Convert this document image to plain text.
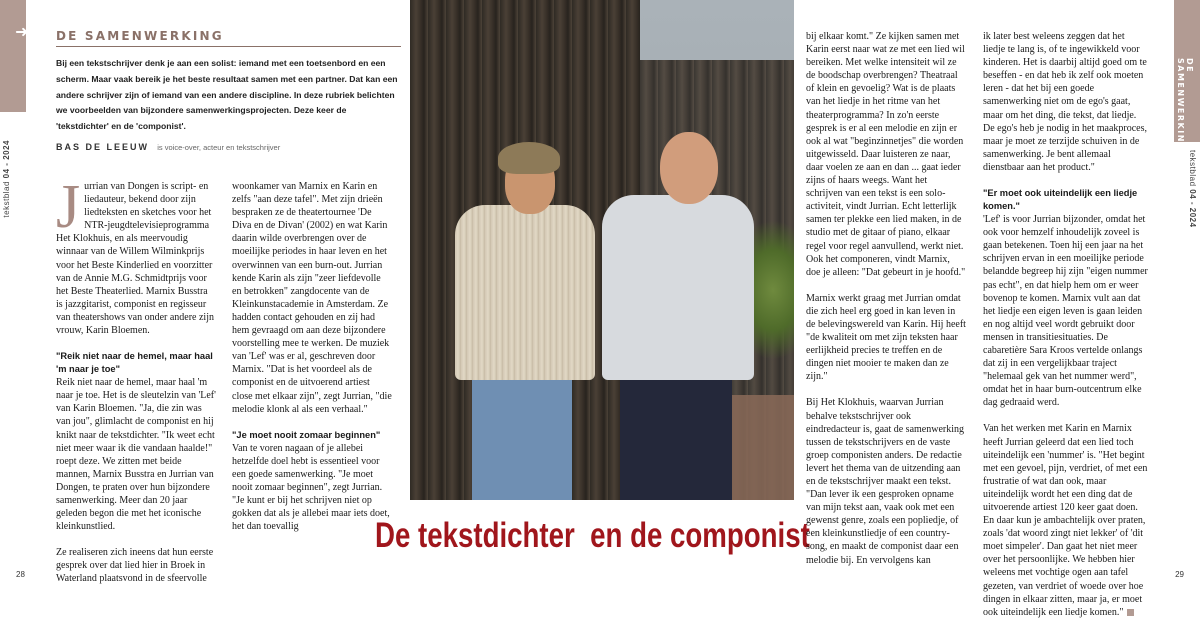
➜ DE SAMENWERKING
tekstblad 04 - 2024
Bij een tekstschrijver denk je aan een solist: iemand met een toetsenbord en een scherm. Maar vaak bereik je het beste resultaat samen met een partner. Dat kan een andere schrijver zijn of iemand van een andere discipline. In deze rubriek belichten we voorbeelden van bijzondere samenwerkingsprojecten. Deze keer de 'tekstdichter' en de 'componist'.
BAS DE LEEUW is voice-over, acteur en tekstschrijver

Jurrian van Dongen is script- en liedauteur, bekend door zijn liedteksten en sketches voor het NTR-jeugdtelevisieprogramma Het Klokhuis, en als meervoudig winnaar van de Willem Wilminkprijs voor het Beste Kinderlied en voorzitter van de Annie M.G. Schmidtprijs voor het Beste Theaterlied. Marnix Busstra is jazzgitarist, componist en regisseur van theatershows van onder andere zijn vrouw, Karin Bloemen.

"Reik niet naar de hemel, maar haal 'm naar je toe"

Reik niet naar de hemel, maar haal 'm naar je toe. Het is de sleutelzin van 'Lef' van Karin Bloemen. "Ja, die zin was van jou", glimlacht de componist en hij knikt naar de tekstdichter. "Ik weet echt niet meer waar ik die vandaan haalde!" roept deze. We zitten met beide mannen, Marnix Busstra en Jurrian van Dongen, te praten over hun bijzondere samenwerking. Meer dan 20 jaar geleden begon die met het iconische kleinkunstlied.

Ze realiseren zich ineens dat hun eerste gesprek over dat lied hier in Broek in Waterland plaatsvond in de sfeervolle

woonkamer van Marnix en Karin en zelfs "aan deze tafel". Met zijn drieën bespraken ze de theatertournee 'De Diva en de Divan' (2002) en wat Karin daarin wilde overbrengen over de moeilijke periodes in haar leven en het overwinnen van een burn-out. Jurrian kende Karin als zijn "zeer liefdevolle en betrokken" zangdocente van de Kleinkunstacademie in Amsterdam. Ze hadden contact gehouden en zij had hem gevraagd om aan deze bijzondere voorstelling mee te werken. De muziek van 'Lef' was er al, geschreven door Marnix. "Dat is het voordeel als de componist en de uitvoerend artiest close met elkaar zijn", zegt Jurrian, "die melodie klonk al als een verhaal."

"Je moet nooit zomaar beginnen"

Van te voren nagaan of je allebei hetzelfde doel hebt is essentieel voor een goede samenwerking. "Je moet nooit zomaar beginnen", zegt Jurrian. "Je kunt er bij het schrijven niet op gokken dat als je allebei maar iets doet, het dan toevallig	De tekstdichter  en de componist

bij elkaar komt." Ze kijken samen met Karin eerst naar wat ze met een lied wil bereiken. Met welke intensiteit wil ze de boodschap overbrengen? Theatraal of klein en gevoelig? Wat is de plaats van het liedje in het ritme van het theaterprogramma? In zo'n eerste gesprek is er al een melodie en zijn er ook al wat "beginzinnetjes" die worden uitgewisseld. Daar luisteren ze naar, daar voelen ze aan en dan ... gaat ieder zijns of haars weegs. Want het schrijven van een tekst is een solo-activiteit, vindt Jurrian. Echt letterlijk samen ter plekke een lied maken, in de studio met de gitaar of piano, elkaar regel voor regel aanvullend, werkt niet. Ook het componeren, vindt Marnix, doe je alleen: "Dat gebeurt in je hoofd."

Marnix werkt graag met Jurrian omdat die zich heel erg goed in kan leven in de belevingswereld van Karin. Hij heeft "de kwaliteit om met zijn teksten haar eerlijkheid precies te treffen en de dingen niet mooier te maken dan ze zijn."

Bij Het Klokhuis, waarvan Jurrian behalve tekstschrijver ook eindredacteur is, gaat de samenwerking tussen de tekstschrijvers en de vaste groep componisten anders. De redactie levert het thema van de uitzending aan en de tekstschrijver maakt een tekst. "Dan lever ik een gesproken opname van mijn tekst aan, vaak ook met een gewenst genre, zoals een popliedje, of een kleinkunstliedje of een country-song, en maakt de componist daar een melodie bij. En vervolgens kan

ik later best weleens zeggen dat het liedje te lang is, of te ingewikkeld voor kinderen. Het is daarbij altijd goed om te beseffen - en dat heb ik zelf ook moeten leren - dat het bij een goede samenwerking niet om de ego's gaat, maar om het ding, die tekst, dat liedje. De ego's heb je nodig in het maakproces, maar je moet ze terzijde schuiven in de samenwerking. Je bent allemaal dienstbaar aan het product."

"Er moet ook uiteindelijk een liedje komen."

'Lef' is voor Jurrian bijzonder, omdat het ook voor hemzelf inhoudelijk zoveel is gaan betekenen. Toen hij een jaar na het schrijven ervan in een moeilijke periode belandde begreep hij zijn "eigen nummer pas echt", en dat hielp hem om er weer bovenop te komen. Marnix vult aan dat het liedje een eigen leven is gaan leiden en nog altijd veel wordt gebruikt door mensen in transitiesituaties. De cabaretière Sara Kroos vertelde onlangs dat zij in een vergelijkbaar traject "helemaal gek van het nummer werd", omdat het in haar burn-outcentrum elke dag gedraaid werd.

Van het werken met Karin en Marnix heeft Jurrian geleerd dat een lied toch uiteindelijk een 'nummer' is. "Het begint met een gevoel, pijn, verdriet, of met een frustratie of wat dan ook, maar uiteindelijk wordt het een ding dat de uitvoerende artiest 120 keer gaat doen. En daar kun je ambachtelijk over praten, zoals 'dat woord zingt niet lekker' of 'dit moet simpeler'. Dan gaat het niet meer over het persoonlijke. We hebben hier weleens met vochtige ogen aan tafel gezeten, van verdriet of woede over hoe dingen in elkaar zitten, maar ja, er moet ook uiteindelijk een liedje komen."

DE SAMENWERKING
tekstblad 04 - 2024
28	29
